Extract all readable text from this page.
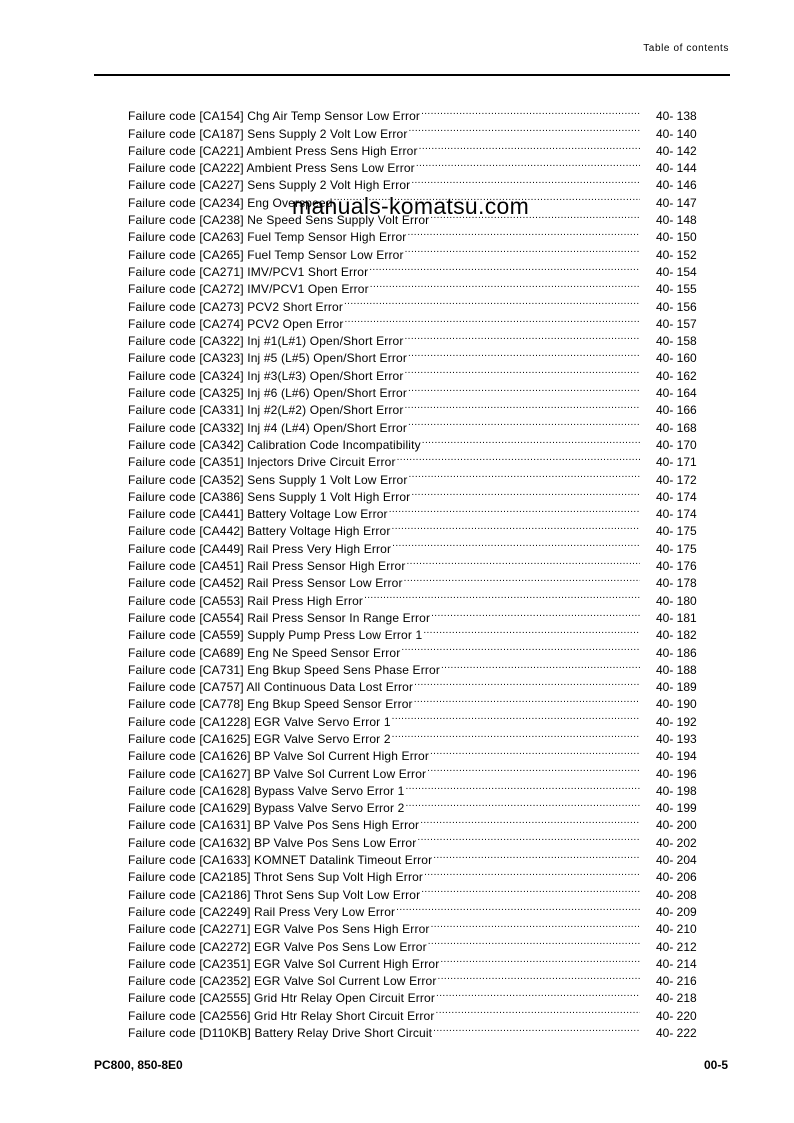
Table of contents
Failure code [CA154] Chg Air Temp Sensor Low Error .....	40- 138
Failure code [CA187] Sens Supply 2 Volt Low Error .....	40- 140
Failure code [CA221] Ambient Press Sens High Error .....	40- 142
Failure code [CA222] Ambient Press Sens Low Error .....	40- 144
Failure code [CA227] Sens Supply 2 Volt High Error .....	40- 146
Failure code [CA234] Eng Overspeed .....	40- 147
Failure code [CA238] Ne Speed Sens Supply Volt Error .....	40- 148
Failure code [CA263] Fuel Temp Sensor High Error .....	40- 150
Failure code [CA265] Fuel Temp Sensor Low Error .....	40- 152
Failure code [CA271] IMV/PCV1 Short Error .....	40- 154
Failure code [CA272] IMV/PCV1 Open Error .....	40- 155
Failure code [CA273] PCV2 Short Error .....	40- 156
Failure code [CA274] PCV2 Open Error .....	40- 157
Failure code [CA322] Inj #1(L#1) Open/Short Error .....	40- 158
Failure code [CA323] Inj #5 (L#5) Open/Short Error .....	40- 160
Failure code [CA324] Inj #3(L#3) Open/Short Error .....	40- 162
Failure code [CA325] Inj #6 (L#6) Open/Short Error .....	40- 164
Failure code [CA331] Inj #2(L#2) Open/Short Error .....	40- 166
Failure code [CA332] Inj #4 (L#4) Open/Short Error .....	40- 168
Failure code [CA342] Calibration Code Incompatibility .....	40- 170
Failure code [CA351] Injectors Drive Circuit Error .....	40- 171
Failure code [CA352] Sens Supply 1 Volt Low Error .....	40- 172
Failure code [CA386] Sens Supply 1 Volt High Error .....	40- 174
Failure code [CA441] Battery Voltage Low Error .....	40- 174
Failure code [CA442] Battery Voltage High Error .....	40- 175
Failure code [CA449] Rail Press Very High Error .....	40- 175
Failure code [CA451] Rail Press Sensor High Error .....	40- 176
Failure code [CA452] Rail Press Sensor Low Error .....	40- 178
Failure code [CA553] Rail Press High Error .....	40- 180
Failure code [CA554] Rail Press Sensor In Range Error .....	40- 181
Failure code [CA559] Supply Pump Press Low Error 1 .....	40- 182
Failure code [CA689] Eng Ne Speed Sensor Error .....	40- 186
Failure code [CA731] Eng Bkup Speed Sens Phase Error .....	40- 188
Failure code [CA757] All Continuous Data Lost Error .....	40- 189
Failure code [CA778] Eng Bkup Speed Sensor Error .....	40- 190
Failure code [CA1228] EGR Valve Servo Error 1 .....	40- 192
Failure code [CA1625] EGR Valve Servo Error 2 .....	40- 193
Failure code [CA1626] BP Valve Sol Current High Error .....	40- 194
Failure code [CA1627] BP Valve Sol Current Low Error .....	40- 196
Failure code [CA1628] Bypass Valve Servo Error 1 .....	40- 198
Failure code [CA1629] Bypass Valve Servo Error 2 .....	40- 199
Failure code [CA1631] BP Valve Pos Sens High Error .....	40- 200
Failure code [CA1632] BP Valve Pos Sens Low Error .....	40- 202
Failure code [CA1633] KOMNET Datalink Timeout Error .....	40- 204
Failure code [CA2185] Throt Sens Sup Volt High Error .....	40- 206
Failure code [CA2186] Throt Sens Sup Volt Low Error .....	40- 208
Failure code [CA2249] Rail Press Very Low Error .....	40- 209
Failure code [CA2271] EGR Valve Pos Sens High Error .....	40- 210
Failure code [CA2272] EGR Valve Pos Sens Low Error .....	40- 212
Failure code [CA2351] EGR Valve Sol Current High Error .....	40- 214
Failure code [CA2352] EGR Valve Sol Current Low Error .....	40- 216
Failure code [CA2555] Grid Htr Relay Open Circuit Error .....	40- 218
Failure code [CA2556] Grid Htr Relay Short Circuit Error .....	40- 220
Failure code [D110KB] Battery Relay Drive Short Circuit .....	40- 222
manuals-komatsu.com
PC800, 850-8E0	00-5
